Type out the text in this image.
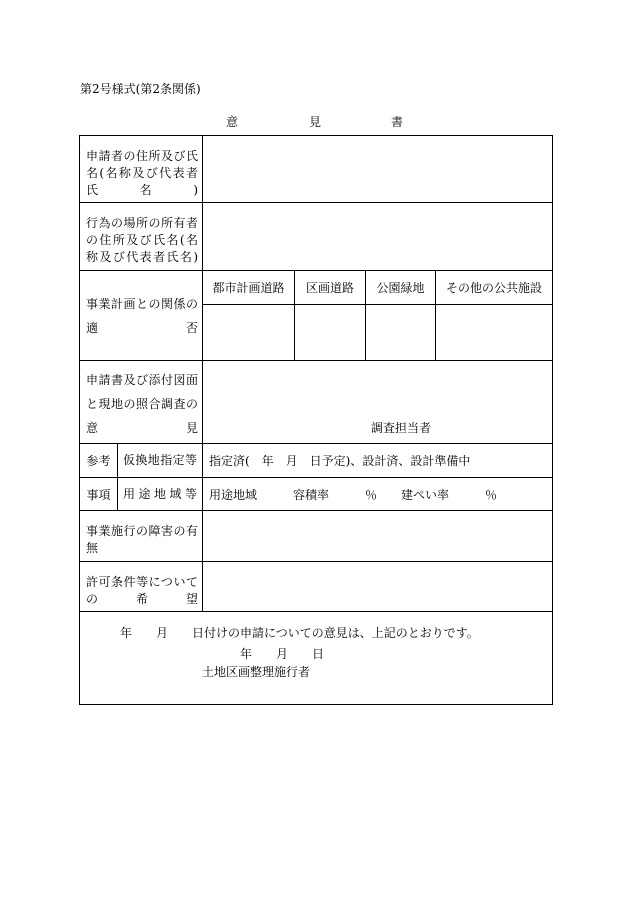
第2号様式(第2条関係)
意	見	書
申請者の住所及び氏名(名称及び代表者氏名)					

行為の場所の所有者の住所及び氏名(名称及び代表者氏名)					

事業計画との関係の適否		都市計画道路	区画道路	公園緑地	その他の公共施設

申請書及び添付図面と現地の照合調査の意見		調査担当者			

参考	仮換地指定等	指定済(　年　月　日予定)、設計済、設計準備中			
事項	用途地域等	用途地域　　　容積率　　　％　　建ぺい率　　　％			

事業施行の障害の有無					

許可条件等についての希望					

年　　月　　日付けの申請についての意見は、上記のとおりです。
年　　月　　日
土地区画整理施行者					
